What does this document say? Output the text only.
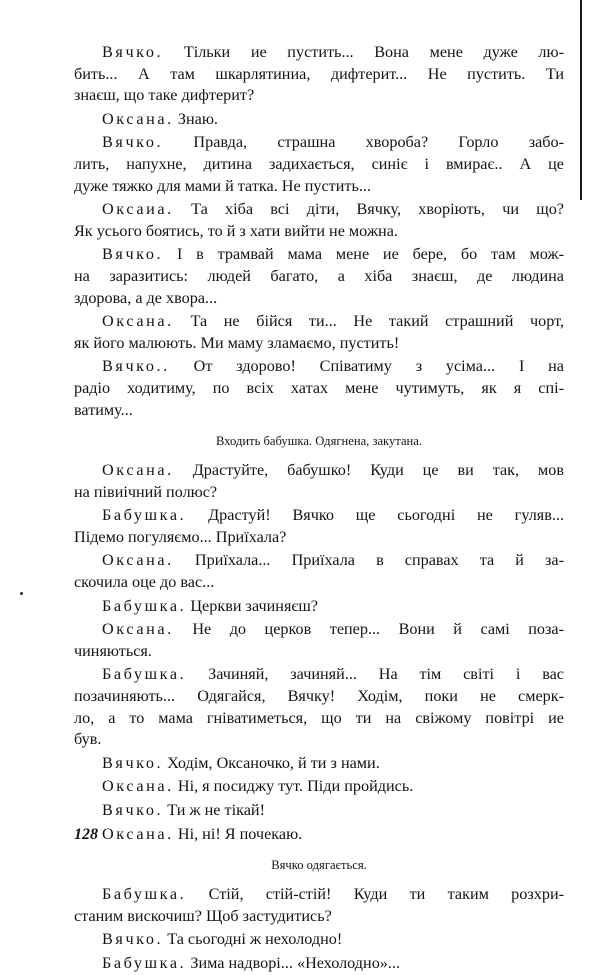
Вячко. Тільки ие пустить... Вона мене дуже лю-
бить... А там шкарлятиниа, дифтерит... Не пустить. Ти
знаєш, що таке дифтерит?
Оксана. Знаю.
Вячко. Правда, страшна хвороба? Горло забо-
лить, напухне, дитина задихається, синіє і вмирає.. А це
дуже тяжко для мами й татка. Не пустить...
Оксаиа. Та хіба всі діти, Вячку, хворіють, чи що?
Як усього боятись, то й з хати вийти не можна.
Вячко. І в трамвай мама мене ие бере, бо там мож-
на заразитись: людей багато, а хіба знаєш, де людина
здорова, а де хвора...
Оксана. Та не бійся ти... Не такий страшний чорт,
як його малюють. Ми маму зламаємо, пустить!
Вячко.. От здорово! Співатиму з усіма... І на
радіо ходитиму, по всіх хатах мене чутимуть, як я спі-
ватиму...
Входить бабушка. Одягнена, закутана.
Оксана. Драстуйте, бабушко! Куди це ви так, мов
на півиічний полюс?
Бабушка. Драстуй! Вячко ще сьогодні не гуляв...
Підемо погуляємо... Приїхала?
Оксана. Приїхала... Приїхала в справах та й за-
скочила оце до вас...
Бабушка. Церкви зачиняєш?
Оксана. Не до церков тепер... Вони й самі поза-
чиняються.
Бабушка. Зачиняй, зачиняй... На тім світі і вас
позачиняють... Одягайся, Вячку! Ходім, поки не смерк-
ло, а то мама гніватиметься, що ти на свіжому повітрі ие
був.
Вячко. Ходім, Оксаночко, й ти з нами.
Оксана. Ні, я посиджу тут. Піди пройдись.
Вячко. Ти ж не тікай!
Оксана. Ні, ні! Я почекаю.
Вячко одягається.
Бабушка. Стій, стій-стій! Куди ти таким розхри-
станим вискочиш? Щоб застудитись?
Вячко. Та сьогодні ж нехолодно!
Бабушка. Зима надворі... «Нехолодно»...
128
